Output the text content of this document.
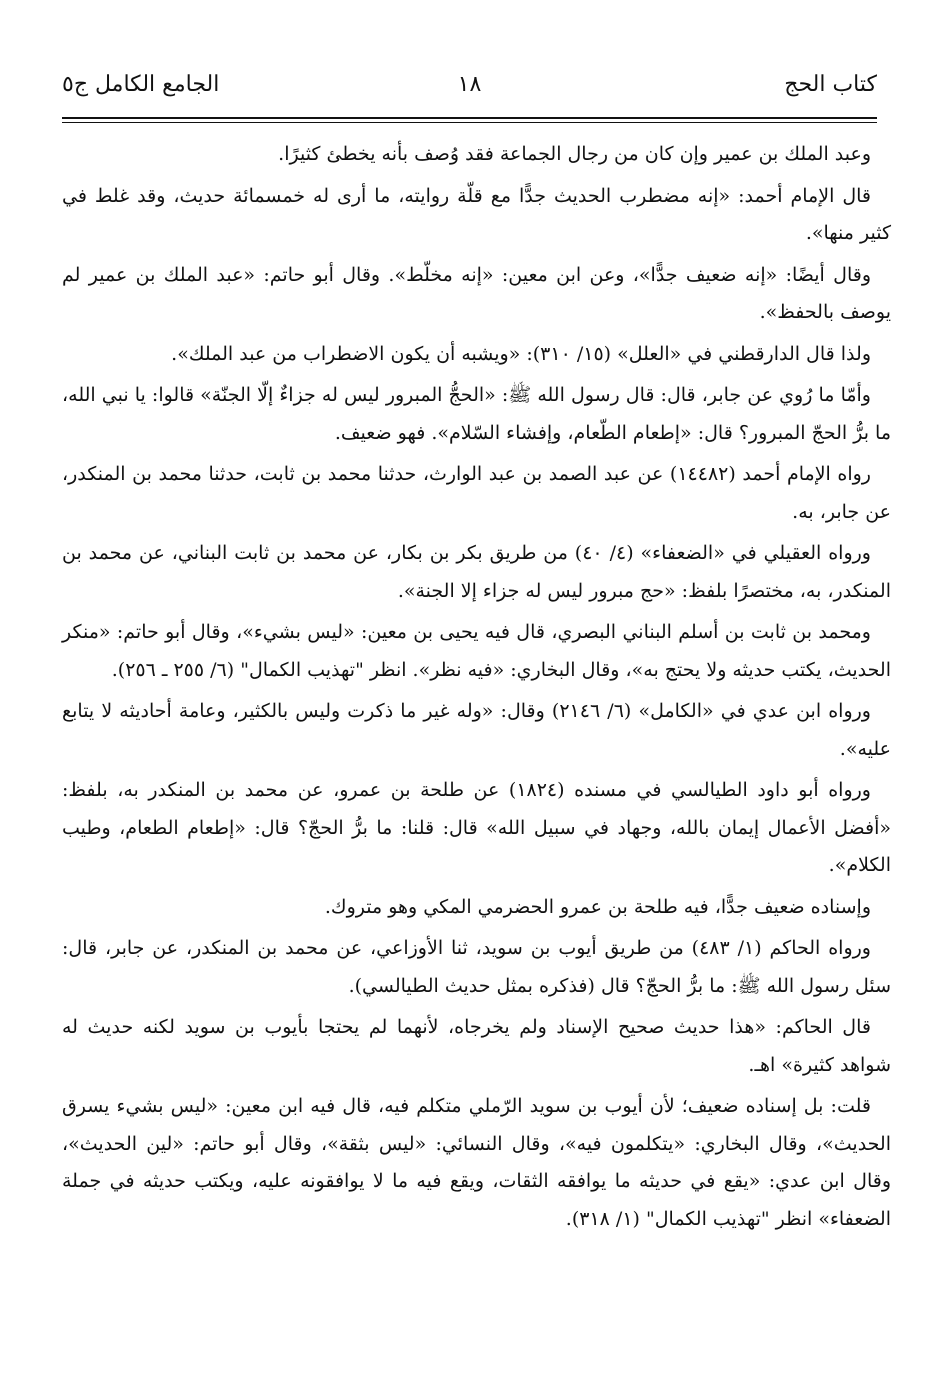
كتاب الحج
١٨
الجامع الكامل ج٥

وعبد الملك بن عمير وإن كان من رجال الجماعة فقد وُصف بأنه يخطئ كثيرًا.

قال الإمام أحمد: «إنه مضطرب الحديث جدًّا مع قلّة روايته، ما أرى له خمسمائة حديث، وقد غلط في كثير منها».

وقال أيضًا: «إنه ضعيف جدًّا»، وعن ابن معين: «إنه مخلّط». وقال أبو حاتم: «عبد الملك بن عمير لم يوصف بالحفظ».

ولذا قال الدارقطني في «العلل» (١٥/ ٣١٠): «ويشبه أن يكون الاضطراب من عبد الملك».

وأمّا ما رُوي عن جابر، قال: قال رسول الله ﷺ: «الحجُّ المبرور ليس له جزاءٌ إلّا الجنّة» قالوا: يا نبي الله، ما برُّ الحجّ المبرور؟ قال: «إطعام الطّعام، وإفشاء السّلام». فهو ضعيف.

رواه الإمام أحمد (١٤٤٨٢) عن عبد الصمد بن عبد الوارث، حدثنا محمد بن ثابت، حدثنا محمد بن المنكدر، عن جابر، به.

ورواه العقيلي في «الضعفاء» (٤/ ٤٠) من طريق بكر بن بكار، عن محمد بن ثابت البناني، عن محمد بن المنكدر، به، مختصرًا بلفظ: «حج مبرور ليس له جزاء إلا الجنة».

ومحمد بن ثابت بن أسلم البناني البصري، قال فيه يحيى بن معين: «ليس بشيء»، وقال أبو حاتم: «منكر الحديث، يكتب حديثه ولا يحتج به»، وقال البخاري: «فيه نظر». انظر "تهذيب الكمال" (٦/ ٢٥٥ ـ ٢٥٦).

ورواه ابن عدي في «الكامل» (٦/ ٢١٤٦) وقال: «وله غير ما ذكرت وليس بالكثير، وعامة أحاديثه لا يتابع عليه».

ورواه أبو داود الطيالسي في مسنده (١٨٢٤) عن طلحة بن عمرو، عن محمد بن المنكدر به، بلفظ: «أفضل الأعمال إيمان بالله، وجهاد في سبيل الله» قال: قلنا: ما برُّ الحجّ؟ قال: «إطعام الطعام، وطيب الكلام».

وإسناده ضعيف جدًّا، فيه طلحة بن عمرو الحضرمي المكي وهو متروك.

ورواه الحاكم (١/ ٤٨٣) من طريق أيوب بن سويد، ثنا الأوزاعي، عن محمد بن المنكدر، عن جابر، قال: سئل رسول الله ﷺ: ما برُّ الحجّ؟ قال (فذكره بمثل حديث الطيالسي).

قال الحاكم: «هذا حديث صحيح الإسناد ولم يخرجاه، لأنهما لم يحتجا بأيوب بن سويد لكنه حديث له شواهد كثيرة» اهـ.

قلت: بل إسناده ضعيف؛ لأن أيوب بن سويد الرّملي متكلم فيه، قال فيه ابن معين: «ليس بشيء يسرق الحديث»، وقال البخاري: «يتكلمون فيه»، وقال النسائي: «ليس بثقة»، وقال أبو حاتم: «لين الحديث»، وقال ابن عدي: «يقع في حديثه ما يوافقه الثقات، ويقع فيه ما لا يوافقونه عليه، ويكتب حديثه في جملة الضعفاء» انظر "تهذيب الكمال" (١/ ٣١٨).
